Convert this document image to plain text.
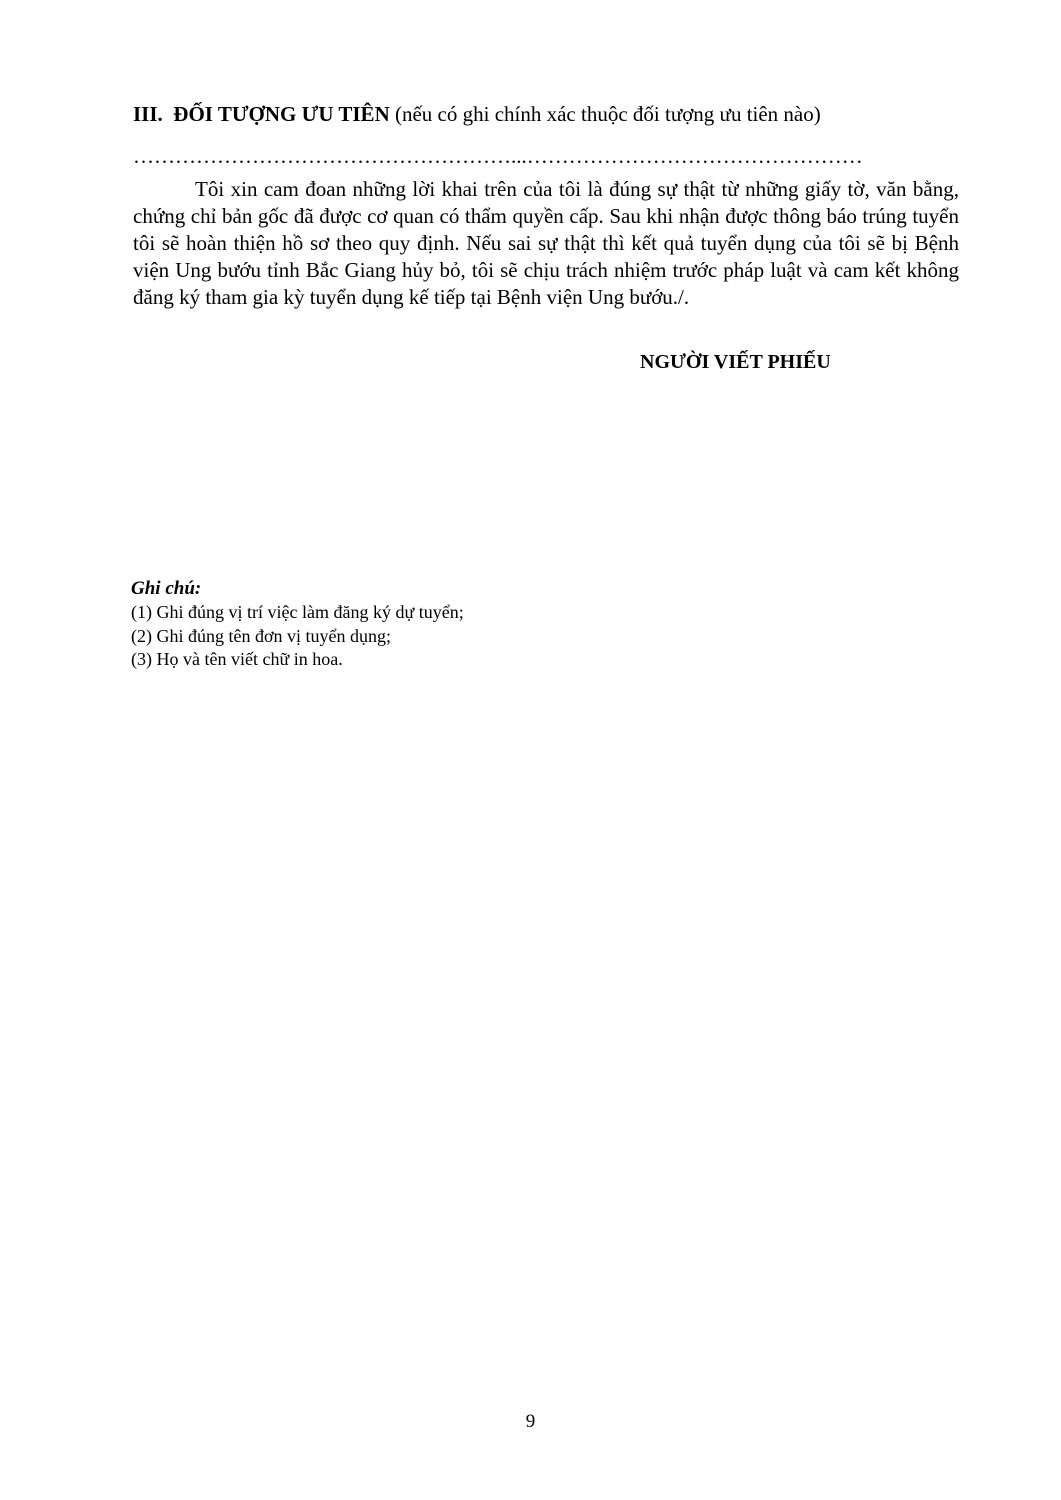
III. ĐỐI TƯỢNG ƯU TIÊN (nếu có ghi chính xác thuộc đối tượng ưu tiên nào)
………………………………………………...…………………………………………

Tôi xin cam đoan những lời khai trên của tôi là đúng sự thật từ những giấy tờ, văn bằng, chứng chỉ bản gốc đã được cơ quan có thẩm quyền cấp. Sau khi nhận được thông báo trúng tuyển tôi sẽ hoàn thiện hồ sơ theo quy định. Nếu sai sự thật thì kết quả tuyển dụng của tôi sẽ bị Bệnh viện Ung bướu tỉnh Bắc Giang hủy bỏ, tôi sẽ chịu trách nhiệm trước pháp luật và cam kết không đăng ký tham gia kỳ tuyển dụng kế tiếp tại Bệnh viện Ung bướu./.

NGƯỜI VIẾT PHIẾU
Ghi chú:
(1) Ghi đúng vị trí việc làm đăng ký dự tuyển;
(2) Ghi đúng tên đơn vị tuyển dụng;
(3) Họ và tên viết chữ in hoa.
9
